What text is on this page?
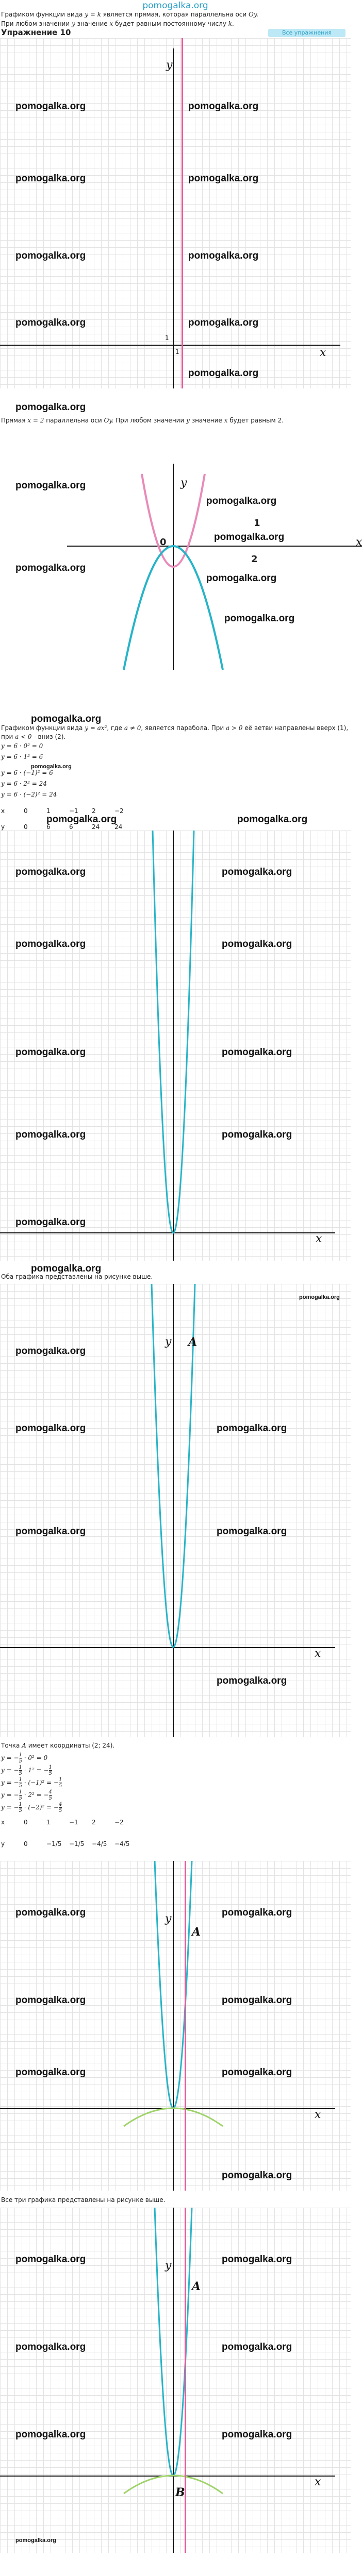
pomogalka.org
Графиком функции вида y = k является прямая, которая параллельна оси Oy.
При любом значении y значение x будет равным постоянному числу k.
Упражнение 10	Все упражнения
y
x
1
1
pomogalka.org	pomogalka.org
pomogalka.org	pomogalka.org
pomogalka.org	pomogalka.org
pomogalka.org	pomogalka.org
pomogalka.org
pomogalka.org
Прямая x = 2 параллельна оси Oy. При любом значении y значение x будет равным 2.
y
x
0
1
2
pomogalka.org
pomogalka.org
pomogalka.org
pomogalka.org
pomogalka.org
pomogalka.org
pomogalka.org
Графиком функции вида y = ax², где a ≠ 0, является парабола. При a > 0 её ветви направлены вверх (1), при a < 0 - вниз (2).
y = 6 · 0² = 0
y = 6 · 1² = 6
pomogalka.org
y = 6 · (−1)² = 6
y = 6 · 2² = 24
y = 6 · (−2)² = 24
x	0	1	−1 2	−2
pomogalka.org	pomogalka.org
y	0	6	6	24 24
pomogalka.org	pomogalka.org
pomogalka.org	pomogalka.org
pomogalka.org	pomogalka.org
pomogalka.org	pomogalka.org
pomogalka.org
x
pomogalka.org
Оба графика представлены на рисунке выше.
A
y
x
pomogalka.org
pomogalka.org
pomogalka.org	pomogalka.org
pomogalka.org	pomogalka.org
pomogalka.org
Точка A имеет координаты (2; 24).
y = − 1
5 · 0² = 0
y = − 1
5 · 1² = − 1
5
y = − 1
5 · (−1)² = − 1
5
y = − 1
5 · 2² = − 4
5
y = − 1
5 · (−2)² = − 4
5
x	0	1	−1 2	−2
y	0	−1/5 −1/5 −4/5 −4/5
A
y
x
pomogalka.org	pomogalka.org
pomogalka.org	pomogalka.org
pomogalka.org	pomogalka.org
pomogalka.org
Все три графика представлены на рисунке выше.
A
B
y
x
pomogalka.org	pomogalka.org
pomogalka.org	pomogalka.org
pomogalka.org	pomogalka.org
pomogalka.org
